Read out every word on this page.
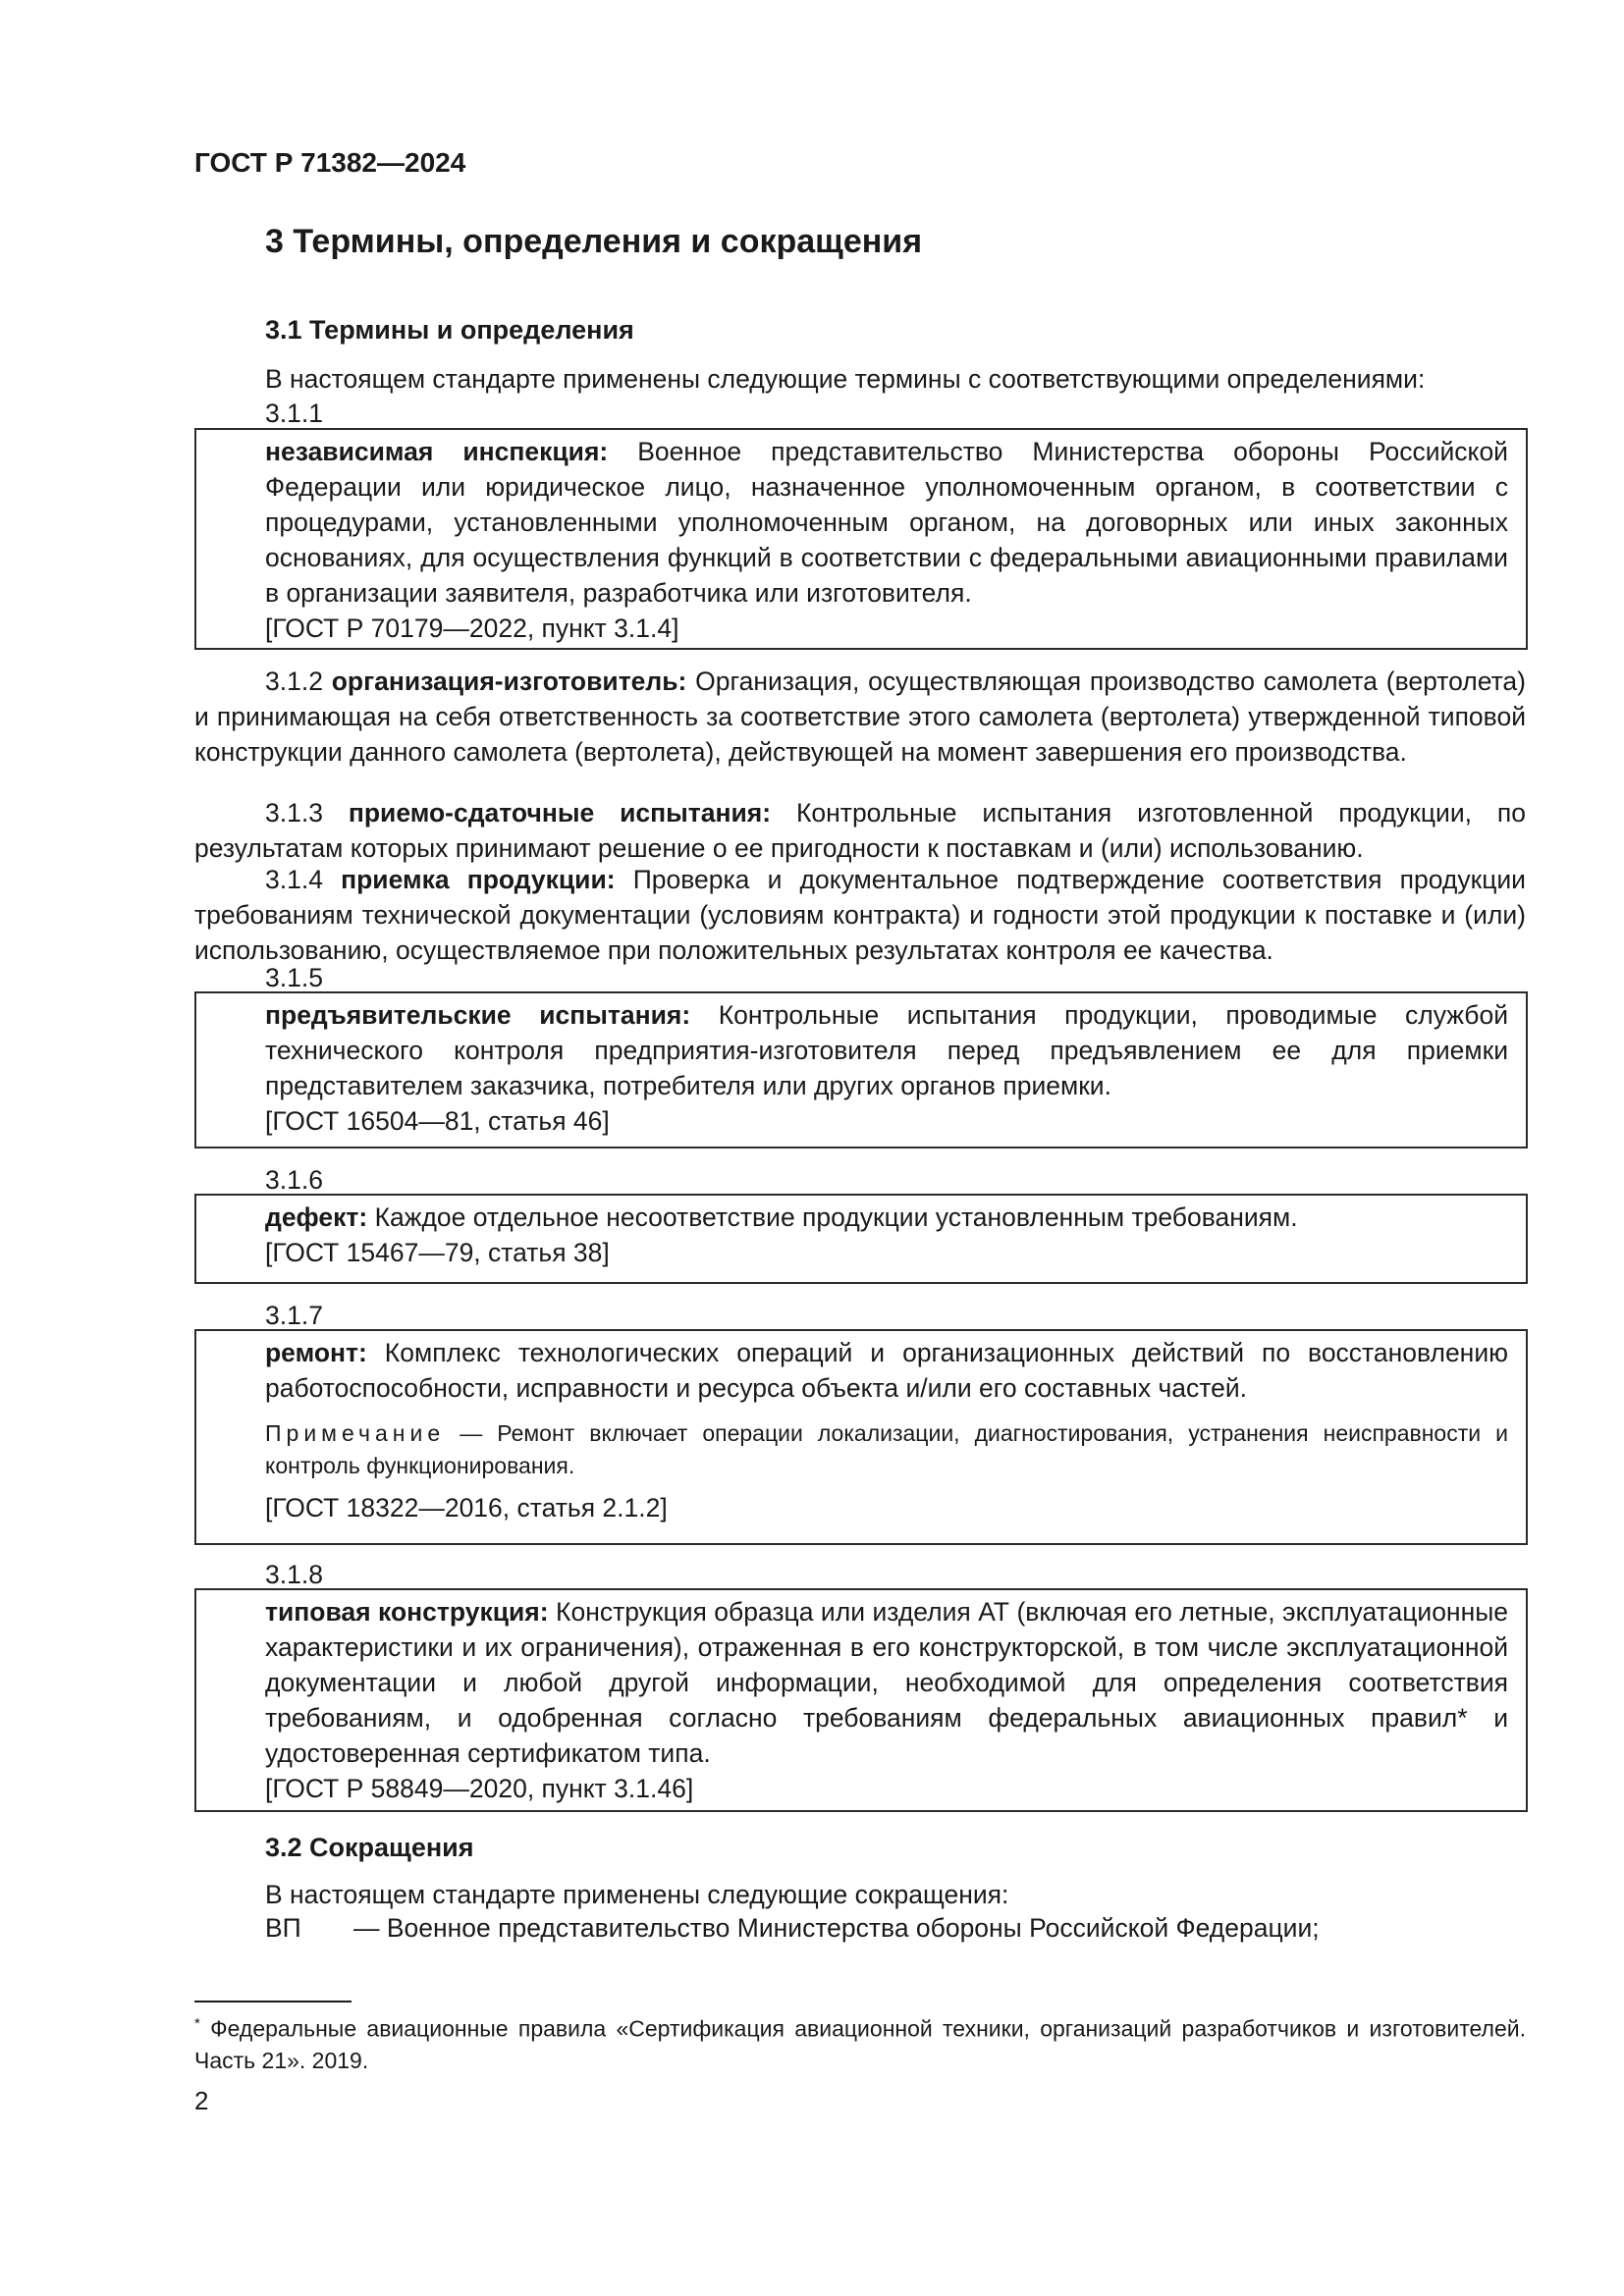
ГОСТ Р 71382—2024
3 Термины, определения и сокращения
3.1 Термины и определения
В настоящем стандарте применены следующие термины с соответствующими определениями:
3.1.1

независимая инспекция: Военное представительство Министерства обороны Российской Федерации или юридическое лицо, назначенное уполномоченным органом, в соответствии с процедурами, установленными уполномоченным органом, на договорных или иных законных основаниях, для осуществления функций в соответствии с федеральными авиационными правилами в организации заявителя, разработчика или изготовителя.

[ГОСТ Р 70179—2022, пункт 3.1.4]

3.1.2 организация-изготовитель: Организация, осуществляющая производство самолета (вертолета) и принимающая на себя ответственность за соответствие этого самолета (вертолета) утвержденной типовой конструкции данного самолета (вертолета), действующей на момент завершения его производства.
3.1.3 приемо-сдаточные испытания: Контрольные испытания изготовленной продукции, по результатам которых принимают решение о ее пригодности к поставкам и (или) использованию.
3.1.4 приемка продукции: Проверка и документальное подтверждение соответствия продукции требованиям технической документации (условиям контракта) и годности этой продукции к поставке и (или) использованию, осуществляемое при положительных результатах контроля ее качества.
3.1.5

предъявительские испытания: Контрольные испытания продукции, проводимые службой технического контроля предприятия-изготовителя перед предъявлением ее для приемки представителем заказчика, потребителя или других органов приемки.

[ГОСТ 16504—81, статья 46]

3.1.6

дефект: Каждое отдельное несоответствие продукции установленным требованиям.

[ГОСТ 15467—79, статья 38]

3.1.7

ремонт: Комплекс технологических операций и организационных действий по восстановлению работоспособности, исправности и ресурса объекта и/или его составных частей.

Примечание — Ремонт включает операции локализации, диагностирования, устранения неисправности и контроль функционирования.

[ГОСТ 18322—2016, статья 2.1.2]

3.1.8

типовая конструкция: Конструкция образца или изделия АТ (включая его летные, эксплуатационные характеристики и их ограничения), отраженная в его конструкторской, в том числе эксплуатационной документации и любой другой информации, необходимой для определения соответствия требованиям, и одобренная согласно требованиям федеральных авиационных правил* и удостоверенная сертификатом типа.

[ГОСТ Р 58849—2020, пункт 3.1.46]

3.2 Сокращения
В настоящем стандарте применены следующие сокращения:
ВП — Военное представительство Министерства обороны Российской Федерации;
* Федеральные авиационные правила «Сертификация авиационной техники, организаций разработчиков и изготовителей. Часть 21». 2019.
2
